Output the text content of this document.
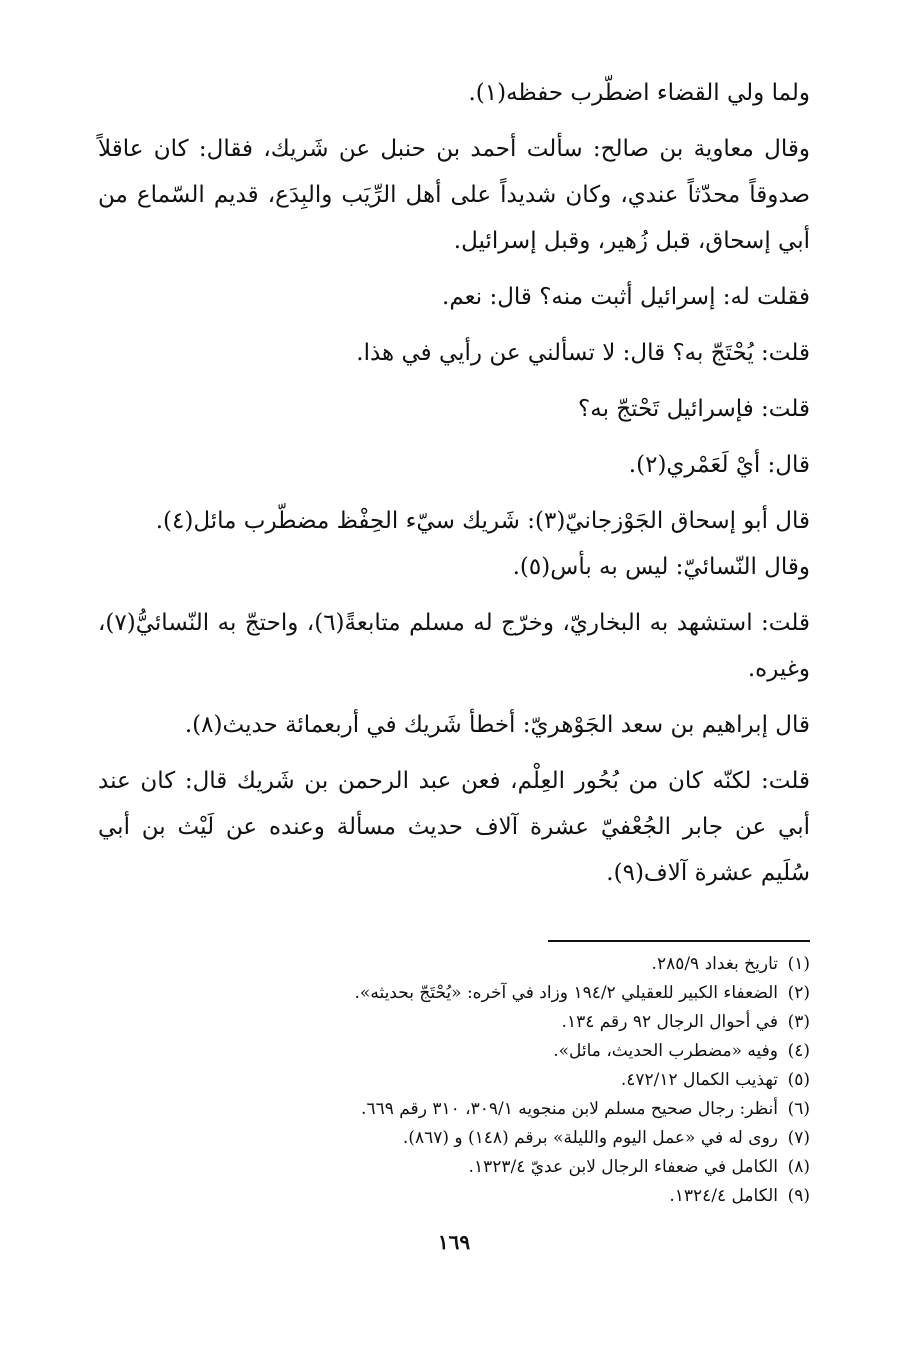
ولما ولي القضاء اضطّرب حفظه(١).

وقال معاوية بن صالح: سألت أحمد بن حنبل عن شَريك، فقال: كان عاقلاً صدوقاً محدّثاً عندي، وكان شديداً على أهل الرِّيَب والبِدَع، قديم السّماع من أبي إسحاق، قبل زُهير، وقبل إسرائيل.

فقلت له: إسرائيل أثبت منه؟ قال: نعم.

قلت: يُحْتَجّ به؟ قال: لا تسألني عن رأيي في هذا.

قلت: فإسرائيل تَحْتجّ به؟

قال: أيْ لَعَمْري(٢).

قال أبو إسحاق الجَوْزجانيّ(٣): شَريك سيّء الحِفْظ مضطّرب مائل(٤).

وقال النّسائيّ: ليس به بأس(٥).

قلت: استشهد به البخاريّ، وخرّج له مسلم متابعةً(٦)، واحتجّ به النّسائيُّ(٧)، وغيره.

قال إبراهيم بن سعد الجَوْهريّ: أخطأ شَريك في أربعمائة حديث(٨).

قلت: لكنّه كان من بُحُور العِلْم، فعن عبد الرحمن بن شَريك قال: كان عند أبي عن جابر الجُعْفيّ عشرة آلاف حديث مسألة وعنده عن لَيْث بن أبي سُلَيم عشرة آلاف(٩).

(١)
تاريخ بغداد ٢٨٥/٩.
(٢)
الضعفاء الكبير للعقيلي ١٩٤/٢ وزاد في آخره: «يُحْتَجّ بحديثه».
(٣)
في أحوال الرجال ٩٢ رقم ١٣٤.
(٤)
وفيه «مضطرب الحديث، مائل».
(٥)
تهذيب الكمال ٤٧٢/١٢.
(٦)
أنظر: رجال صحيح مسلم لابن منجويه ٣٠٩/١، ٣١٠ رقم ٦٦٩.
(٧)
روى له في «عمل اليوم والليلة» برقم (١٤٨) و (٨٦٧).
(٨)
الكامل في ضعفاء الرجال لابن عديّ ١٣٢٣/٤.
(٩)
الكامل ١٣٢٤/٤.
١٦٩
